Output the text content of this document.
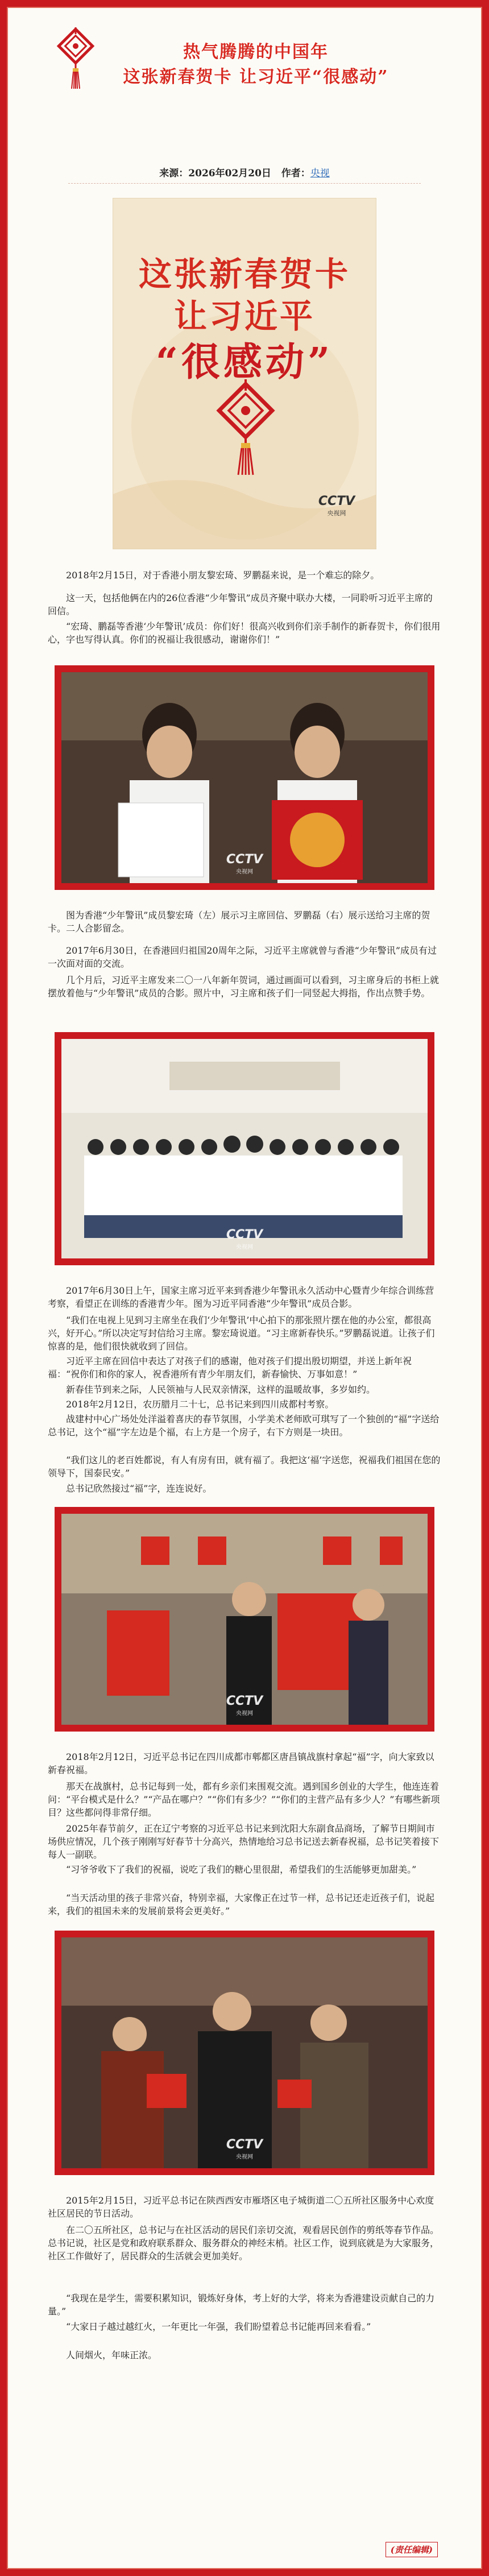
热气腾腾的中国年
这张新春贺卡 让习近平“很感动”
来源：2026年02月20日 作者：央视
这张新春贺卡
让习近平
“很感动”
CCTV
央视网
2018年2月15日，对于香港小朋友黎宏琦、罗鹏磊来说，是一个难忘的除夕。
这一天，包括他俩在内的26位香港“少年警讯”成员齐聚中联办大楼，一同聆听习近平主席的回信。
“宏琦、鹏磊等香港‘少年警讯’成员：你们好！很高兴收到你们亲手制作的新春贺卡，你们很用心，字也写得认真。你们的祝福让我很感动，谢谢你们！”
CCTV
央视网
图为香港“少年警讯”成员黎宏琦（左）展示习主席回信、罗鹏磊（右）展示送给习主席的贺卡。二人合影留念。
2017年6月30日，在香港回归祖国20周年之际，习近平主席就曾与香港“少年警讯”成员有过一次面对面的交流。
几个月后，习近平主席发来二〇一八年新年贺词，通过画面可以看到，习主席身后的书柜上就摆放着他与“少年警讯”成员的合影。照片中，习主席和孩子们一同竖起大拇指，作出点赞手势。
CCTV
央视网
2017年6月30日上午，国家主席习近平来到香港少年警讯永久活动中心暨青少年综合训练营考察，看望正在训练的香港青少年。图为习近平同香港“少年警讯”成员合影。
“我们在电视上见到习主席坐在我们‘少年警讯’中心拍下的那张照片摆在他的办公室，都很高兴，好开心。”所以决定写封信给习主席。黎宏琦说道。“习主席新春快乐。”罗鹏磊说道。让孩子们惊喜的是，他们很快就收到了回信。
习近平主席在回信中表达了对孩子们的感谢，他对孩子们提出殷切期望，并送上新年祝福：“祝你们和你的家人，祝香港所有青少年朋友们，新春愉快、万事如意！”
新春佳节到来之际，人民领袖与人民双亲情深，这样的温暖故事，多岁如约。
2018年2月12日，农历腊月二十七，总书记来到四川成都村考察。
战建村中心广场处处洋溢着喜庆的春节氛围，小学美术老师欧可琪写了一个独创的“福”字送给总书记，这个“福”字左边是个福，右上方是一个房子，右下方则是一块田。
“我们这儿的老百姓都说，有人有房有田，就有福了。我把这‘福’字送您，祝福我们祖国在您的领导下，国泰民安。”
总书记欣然接过“福”字，连连说好。
CCTV
央视网
2018年2月12日，习近平总书记在四川成都市郫都区唐昌镇战旗村拿起“福”字，向大家致以新春祝福。
那天在战旗村，总书记每到一处，都有乡亲们来围观交流。遇到国乡创业的大学生，他连连着问：“平台模式是什么？”“产品在哪户？”“你们有多少？”“你们的主营产品有多少人？”有哪些新项目？这些都问得非常仔细。
2025年春节前夕，正在辽宁考察的习近平总书记来到沈阳大东副食品商场，了解节日期间市场供应情况，几个孩子刚刚写好春节十分高兴，热情地给习总书记送去新春祝福，总书记笑着接下每人一副联。
“习爷爷收下了我们的祝福，说吃了我们的糖心里很甜，希望我们的生活能够更加甜美。”
“当天活动里的孩子非常兴奋，特别幸福，大家像正在过节一样，总书记还走近孩子们，说起来，我们的祖国未来的发展前景将会更美好。”
CCTV
央视网
2015年2月15日，习近平总书记在陕西西安市雁塔区电子城街道二〇五所社区服务中心欢度社区居民的节日活动。
在二〇五所社区，总书记与在社区活动的居民们亲切交流，观看居民创作的剪纸等春节作品。总书记说，社区是党和政府联系群众、服务群众的神经末梢。社区工作，说到底就是为大家服务，社区工作做好了，居民群众的生活就会更加美好。
“我现在是学生，需要积累知识，锻炼好身体，考上好的大学，将来为香港建设贡献自己的力量。”
“大家日子越过越红火，一年更比一年强，我们盼望着总书记能再回来看看。”
人间烟火，年味正浓。
(责任编辑)
